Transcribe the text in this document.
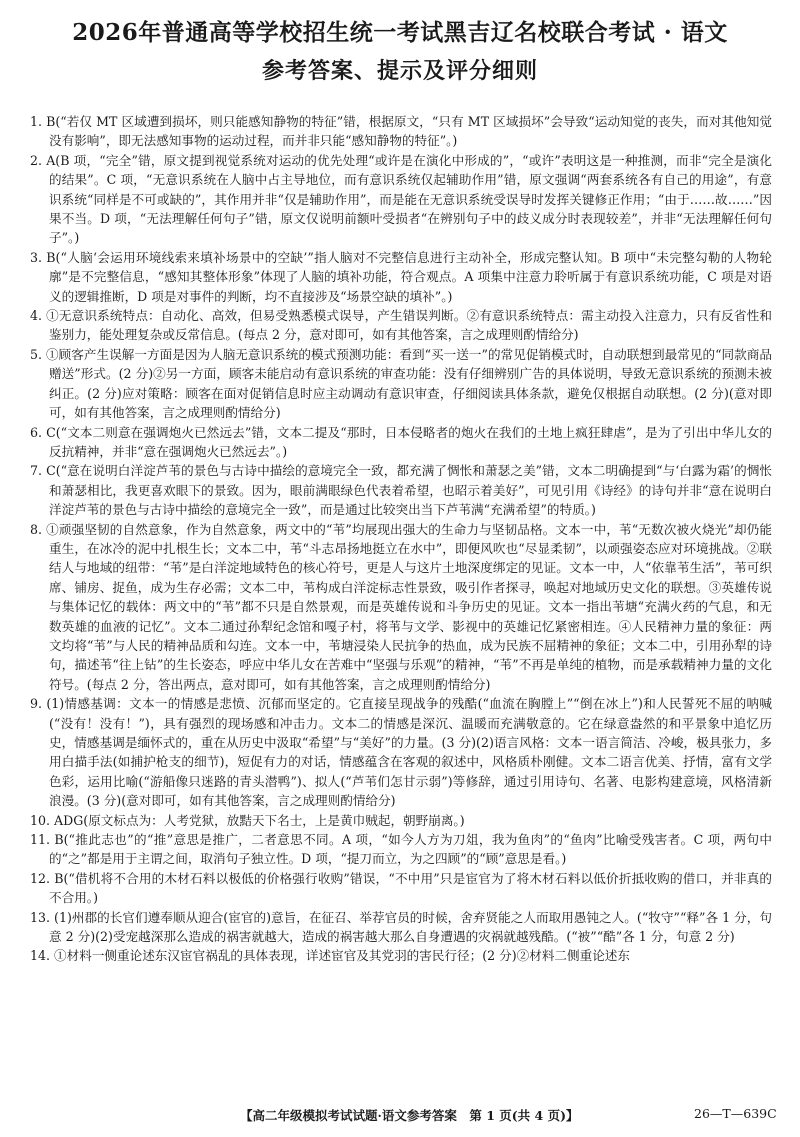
2026年普通高等学校招生统一考试黑吉辽名校联合考试 · 语文
参考答案、提示及评分细则
1. B(“若仅 MT 区域遭到损坏，则只能感知静物的特征”错，根据原文，“只有 MT 区域损坏”会导致“运动知觉的丧失，而对其他知觉没有影响”，即无法感知事物的运动过程，而并非只能“感知静物的特征”。)
2. A(B 项，“完全”错，原文提到视觉系统对运动的优先处理“或许是在演化中形成的”，“或许”表明这是一种推测，而非“完全是演化的结果”。C 项，“无意识系统在人脑中占主导地位，而有意识系统仅起辅助作用”错，原文强调“两套系统各有自己的用途”，有意识系统“同样是不可或缺的”，其作用并非“仅是辅助作用”，而是能在无意识系统受误导时发挥关键修正作用；“由于……故……”因果不当。D 项，“无法理解任何句子”错，原文仅说明前额叶受损者“在辨别句子中的歧义成分时表现较差”，并非“无法理解任何句子”。)
3. B(“人脑‘会运用环境线索来填补场景中的空缺’”指人脑对不完整信息进行主动补全，形成完整认知。B 项中“未完整勾勒的人物轮廓”是不完整信息，“感知其整体形象”体现了人脑的填补功能，符合观点。A 项集中注意力聆听属于有意识系统功能，C 项是对语义的逻辑推断，D 项是对事件的判断，均不直接涉及“场景空缺的填补”。)
4. ①无意识系统特点：自动化、高效，但易受熟悉模式误导，产生错误判断。②有意识系统特点：需主动投入注意力，只有反省性和鉴别力，能处理复杂或反常信息。(每点 2 分，意对即可，如有其他答案，言之成理则酌情给分)
5. ①顾客产生误解一方面是因为人脑无意识系统的模式预测功能：看到“买一送一”的常见促销模式时，自动联想到最常见的“同款商品赠送”形式。(2 分)②另一方面，顾客未能启动有意识系统的审查功能：没有仔细辨别广告的具体说明，导致无意识系统的预测未被纠正。(2 分)应对策略：顾客在面对促销信息时应主动调动有意识审查，仔细阅读具体条款，避免仅根据自动联想。(2 分)(意对即可，如有其他答案，言之成理则酌情给分)
6. C(“文本二则意在强调炮火已然远去”错，文本二提及“那时，日本侵略者的炮火在我们的土地上疯狂肆虐”，是为了引出中华儿女的反抗精神，并非“意在强调炮火已然远去”。)
7. C(“意在说明白洋淀芦苇的景色与古诗中描绘的意境完全一致，都充满了惆怅和萧瑟之美”错，文本二明确提到“与‘白露为霜’的惆怅和萧瑟相比，我更喜欢眼下的景致。因为，眼前满眼绿色代表着希望，也昭示着美好”，可见引用《诗经》的诗句并非“意在说明白洋淀芦苇的景色与古诗中描绘的意境完全一致”，而是通过比较突出当下芦苇满“充满希望”的特质。)
8. ①顽强坚韧的自然意象，作为自然意象，两文中的“苇”均展现出强大的生命力与坚韧品格。文本一中，苇“无数次被火烧光”却仍能重生，在冰冷的泥中扎根生长；文本二中，苇“斗志昂扬地挺立在水中”，即便风吹也“尽显柔韧”，以顽强姿态应对环境挑战。②联结人与地域的纽带：“苇”是白洋淀地域特色的核心符号，更是人与这片土地深度绑定的见证。文本一中，人“依靠苇生活”，苇可织席、铺房、捉鱼，成为生存必需；文本二中，苇构成白洋淀标志性景致，吸引作者探寻，唤起对地域历史文化的联想。③英雄传说与集体记忆的载体：两文中的“苇”都不只是自然景观，而是英雄传说和斗争历史的见证。文本一指出苇塘“充满火药的气息，和无数英雄的血液的记忆”。文本二通过孙犁纪念馆和嘎子村，将苇与文学、影视中的英雄记忆紧密相连。④人民精神力量的象征：两文均将“苇”与人民的精神品质和勾连。文本一中，苇塘浸染人民抗争的热血，成为民族不屈精神的象征；文本二中，引用孙犁的诗句，描述苇“往上钻”的生长姿态，呼应中华儿女在苦难中“坚强与乐观”的精神，“苇”不再是单纯的植物，而是承载精神力量的文化符号。(每点 2 分，答出两点，意对即可，如有其他答案，言之成理则酌情给分)
9. (1)情感基调：文本一的情感是悲愤、沉郁而坚定的。它直接呈现战争的残酷(“血流在胸膛上”“倒在冰上”)和人民誓死不屈的呐喊(“没有！没有！”)，具有强烈的现场感和冲击力。文本二的情感是深沉、温暖而充满敬意的。它在绿意盎然的和平景象中追忆历史，情感基调是缅怀式的，重在从历史中汲取“希望”与“美好”的力量。(3 分)(2)语言风格：文本一语言简洁、冷峻，极具张力，多用白描手法(如捕护枪支的细节)，短促有力的对话，情感蕴含在客观的叙述中，风格质朴刚健。文本二语言优美、抒情，富有文学色彩，运用比喻(“游船像只迷路的青头潜鸭”)、拟人(“芦苇们怎甘示弱”)等修辞，通过引用诗句、名著、电影构建意境，风格清新浪漫。(3 分)(意对即可，如有其他答案，言之成理则酌情给分)
10. ADG(原文标点为：人考党狱，放黠天下名士，上是黄巾贼起，朝野崩离。)
11. B(“推此志也”的“推”意思是推广，二者意思不同。A 项，“如今人方为刀俎，我为鱼肉”的“鱼肉”比喻受残害者。C 项，两句中的“之”都是用于主谓之间，取消句子独立性。D 项，“提刀而立，为之四顾”的“顾”意思是看。)
12. B(“借机将不合用的木材石料以极低的价格强行收购”错误，“不中用”只是宦官为了将木材石料以低价折抵收购的借口，并非真的不合用。)
13. (1)州郡的长官们遵奉顺从迎合(宦官的)意旨，在征召、举荐官员的时候，舍弃贤能之人而取用愚钝之人。(“牧守”“释”各 1 分，句意 2 分)(2)受宠越深那么造成的祸害就越大，造成的祸害越大那么自身遭遇的灾祸就越残酷。(“被”“酷”各 1 分，句意 2 分)
14. ①材料一侧重论述东汉宦官祸乱的具体表现，详述宦官及其党羽的害民行径；(2 分)②材料二侧重论述东
【高二年级模拟考试试题·语文参考答案　第 1 页(共 4 页)】	26—T—639C
